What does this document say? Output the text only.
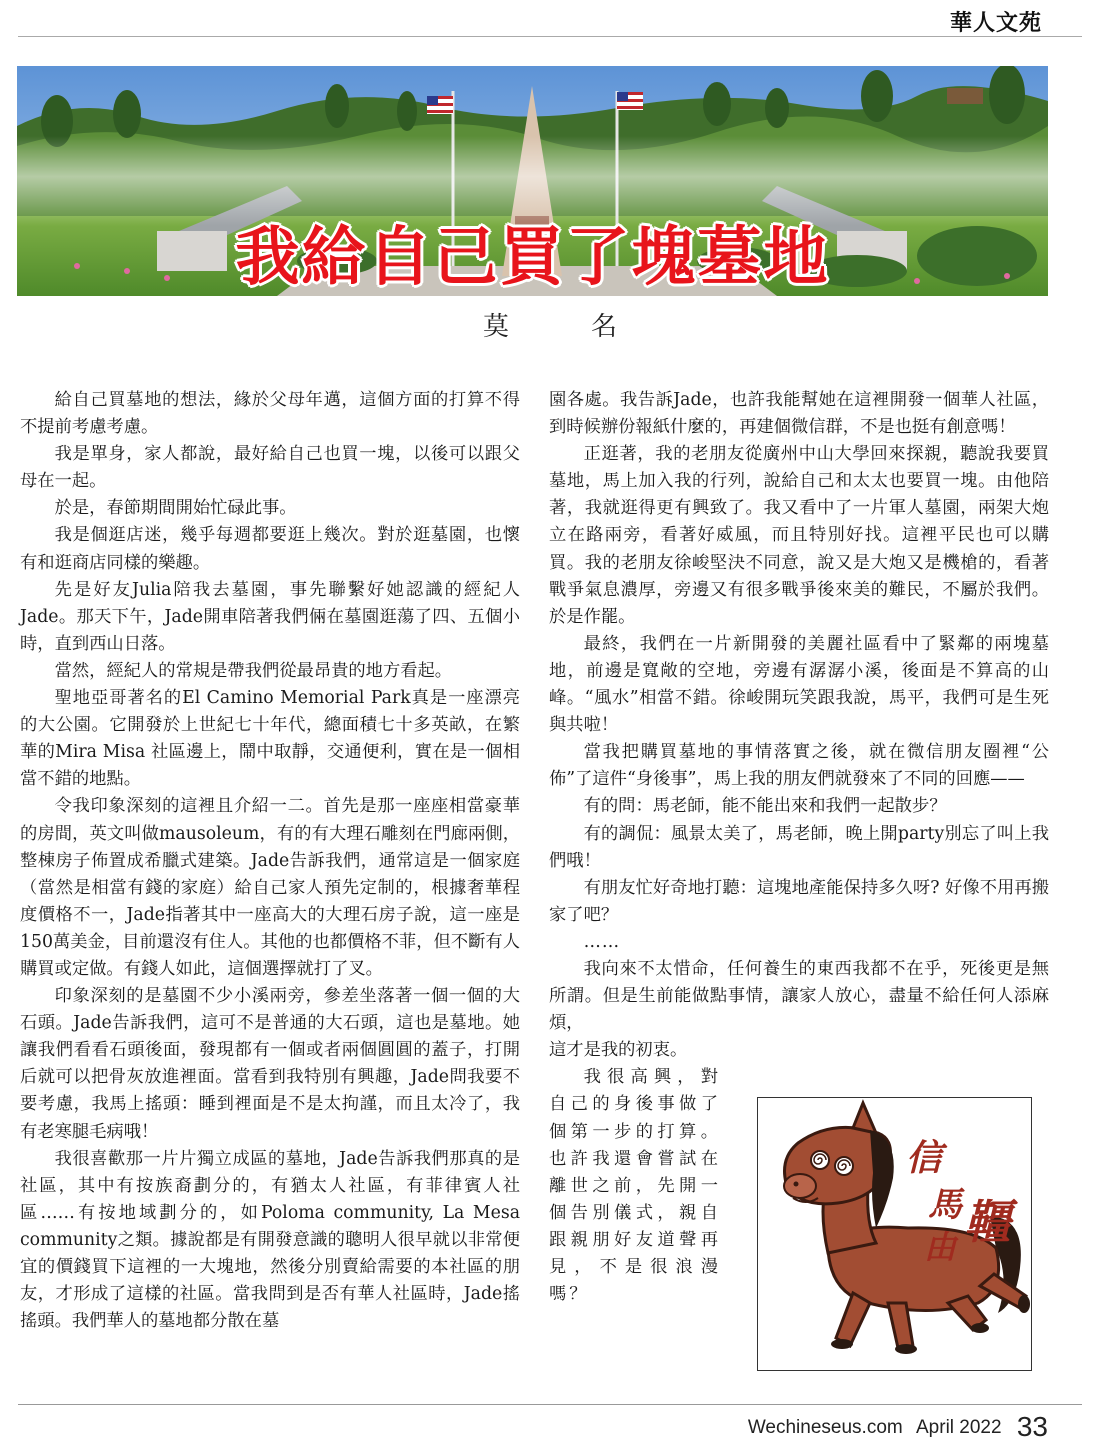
華人文苑
我給自己買了塊墓地
莫　名

給自己買墓地的想法，緣於父母年邁，這個方面的打算不得不提前考慮考慮。

我是單身，家人都說，最好給自己也買一塊，以後可以跟父母在一起。

於是，春節期間開始忙碌此事。

我是個逛店迷，幾乎每週都要逛上幾次。對於逛墓園，也懷有和逛商店同樣的樂趣。

先是好友Julia陪我去墓園，事先聯繫好她認識的經紀人Jade。那天下午，Jade開車陪著我們倆在墓園逛蕩了四、五個小時，直到西山日落。

當然，經紀人的常規是帶我們從最昂貴的地方看起。

聖地亞哥著名的El Camino Memorial Park真是一座漂亮的大公園。它開發於上世紀七十年代，總面積七十多英畝，在繁華的Mira Misa 社區邊上，鬧中取靜，交通便利，實在是一個相當不錯的地點。

令我印象深刻的這裡且介紹一二。首先是那一座座相當豪華的房間，英文叫做mausoleum，有的有大理石雕刻在門廊兩側，整棟房子佈置成希臘式建築。Jade告訴我們，通常這是一個家庭（當然是相當有錢的家庭）給自己家人預先定制的，根據奢華程度價格不一，Jade指著其中一座高大的大理石房子說，這一座是150萬美金，目前還沒有住人。其他的也都價格不菲，但不斷有人購買或定做。有錢人如此，這個選擇就打了叉。

印象深刻的是墓園不少小溪兩旁，參差坐落著一個一個的大石頭。Jade告訴我們，這可不是普通的大石頭，這也是墓地。她讓我們看看石頭後面，發現都有一個或者兩個圓圓的蓋子，打開后就可以把骨灰放進裡面。當看到我特別有興趣，Jade問我要不要考慮，我馬上搖頭：睡到裡面是不是太拘謹，而且太冷了，我有老寒腿毛病哦！

我很喜歡那一片片獨立成區的墓地，Jade告訴我們那真的是社區，其中有按族裔劃分的，有猶太人社區，有菲律賓人社區……有按地域劃分的，如Poloma community, La Mesa　community之類。據說都是有開發意識的聰明人很早就以非常便宜的價錢買下這裡的一大塊地，然後分別賣給需要的本社區的朋友，才形成了這樣的社區。當我問到是否有華人社區時，Jade搖搖頭。我們華人的墓地都分散在墓

園各處。我告訴Jade，也許我能幫她在這裡開發一個華人社區，到時候辦份報紙什麼的，再建個微信群，不是也挺有創意嗎！

正逛著，我的老朋友從廣州中山大學回來探親，聽說我要買墓地，馬上加入我的行列，說給自己和太太也要買一塊。由他陪著，我就逛得更有興致了。我又看中了一片軍人墓園，兩架大炮立在路兩旁，看著好威風，而且特別好找。這裡平民也可以購買。我的老朋友徐峻堅決不同意，說又是大炮又是機槍的，看著戰爭氣息濃厚，旁邊又有很多戰爭後來美的難民，不屬於我們。於是作罷。

最終，我們在一片新開發的美麗社區看中了緊鄰的兩塊墓地，前邊是寬敞的空地，旁邊有潺潺小溪，後面是不算高的山峰。“風水”相當不錯。徐峻開玩笑跟我說，馬平，我們可是生死與共啦！

當我把購買墓地的事情落實之後，就在微信朋友圈裡“公佈”了這件“身後事”，馬上我的朋友們就發來了不同的回應——

有的問：馬老師，能不能出來和我們一起散步？

有的調侃：風景太美了，馬老師，晚上開party別忘了叫上我們哦！

有朋友忙好奇地打聽：這塊地產能保持多久呀? 好像不用再搬家了吧？

……

我向來不太惜命，任何養生的東西我都不在乎，死後更是無所謂。但是生前能做點事情，讓家人放心，盡量不給任何人添麻煩，

這才是我的初衷。

我很高興，對自己的身後事做了個第一步的打算。也許我還會嘗試在離世之前，先開一個告別儀式，親自跟親朋好友道聲再見，不是很浪漫嗎？

信
馬
由 韁
Wechineseus.com April 2022 33
